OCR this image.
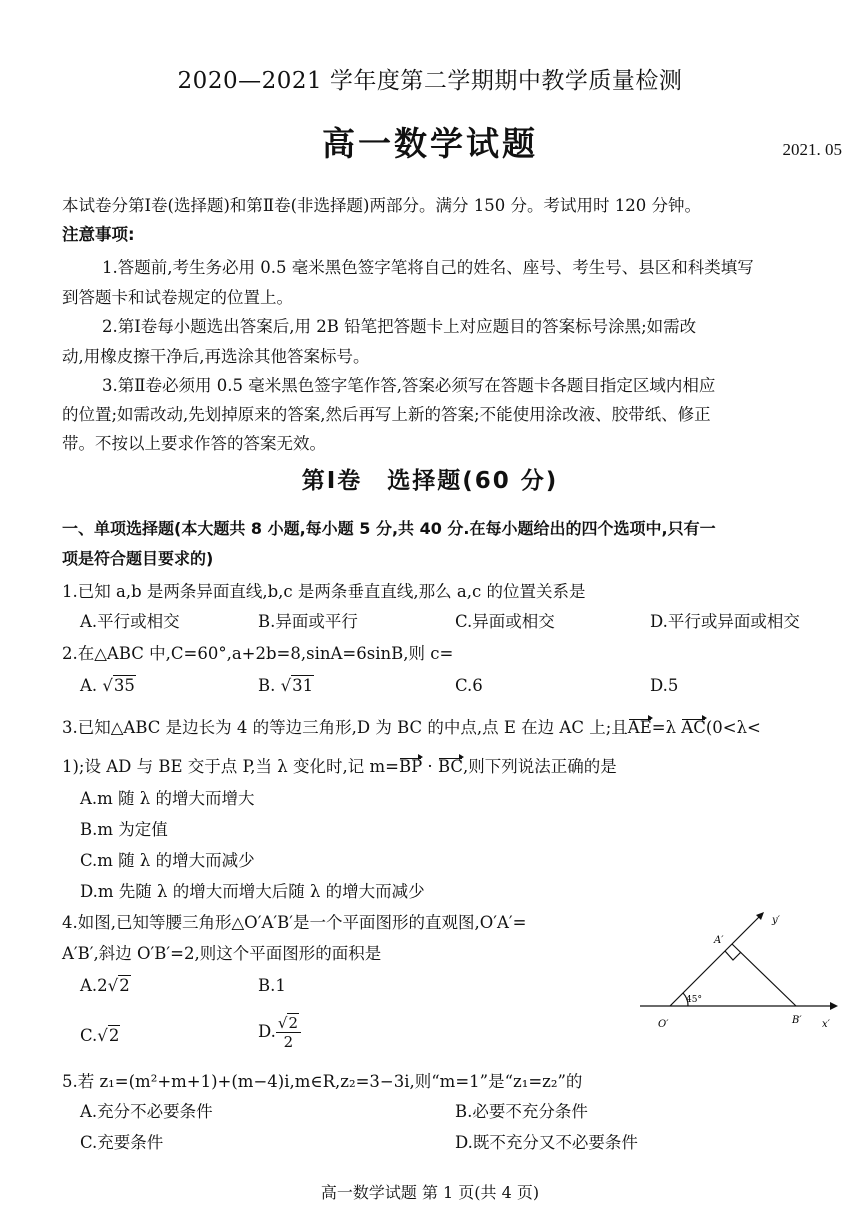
2020—2021 学年度第二学期期中教学质量检测
高一数学试题	2021. 05
本试卷分第Ⅰ卷(选择题)和第Ⅱ卷(非选择题)两部分。满分 150 分。考试用时 120 分钟。
注意事项:
1.答题前,考生务必用 0.5 毫米黑色签字笔将自己的姓名、座号、考生号、县区和科类填写
到答题卡和试卷规定的位置上。
2.第Ⅰ卷每小题选出答案后,用 2B 铅笔把答题卡上对应题目的答案标号涂黑;如需改
动,用橡皮擦干净后,再选涂其他答案标号。
3.第Ⅱ卷必须用 0.5 毫米黑色签字笔作答,答案必须写在答题卡各题目指定区域内相应
的位置;如需改动,先划掉原来的答案,然后再写上新的答案;不能使用涂改液、胶带纸、修正
带。不按以上要求作答的答案无效。
第Ⅰ卷　选择题(60 分)
一、单项选择题(本大题共 8 小题,每小题 5 分,共 40 分.在每小题给出的四个选项中,只有一
项是符合题目要求的)
1.已知 a,b 是两条异面直线,b,c 是两条垂直直线,那么 a,c 的位置关系是
A.平行或相交	B.异面或平行	C.异面或相交	D.平行或异面或相交
2.在△ABC 中,C=60°,a+2b=8,sinA=6sinB,则 c=
A. √35	B. √31	C.6	D.5
3.已知△ABC 是边长为 4 的等边三角形,D 为 BC 的中点,点 E 在边 AC 上;且AE=λ AC(0<λ<
1);设 AD 与 BE 交于点 P,当 λ 变化时,记 m=BP · BC,则下列说法正确的是
A.m 随 λ 的增大而增大
B.m 为定值
C.m 随 λ 的增大而减少
D.m 先随 λ 的增大而增大后随 λ 的增大而减少
4.如图,已知等腰三角形△O′A′B′是一个平面图形的直观图,O′A′=
A′B′,斜边 O′B′=2,则这个平面图形的面积是
A.2√2	B.1
C.√2	D. $\frac{√2}{2}$
y′
A′
O′	B′ x′
45°
5.若 z₁=(m²+m+1)+(m−4)i,m∈R,z₂=3−3i,则“m=1”是“z₁=z₂”的
A.充分不必要条件	B.必要不充分条件
C.充要条件	D.既不充分又不必要条件
高一数学试题 第 1 页(共 4 页)
